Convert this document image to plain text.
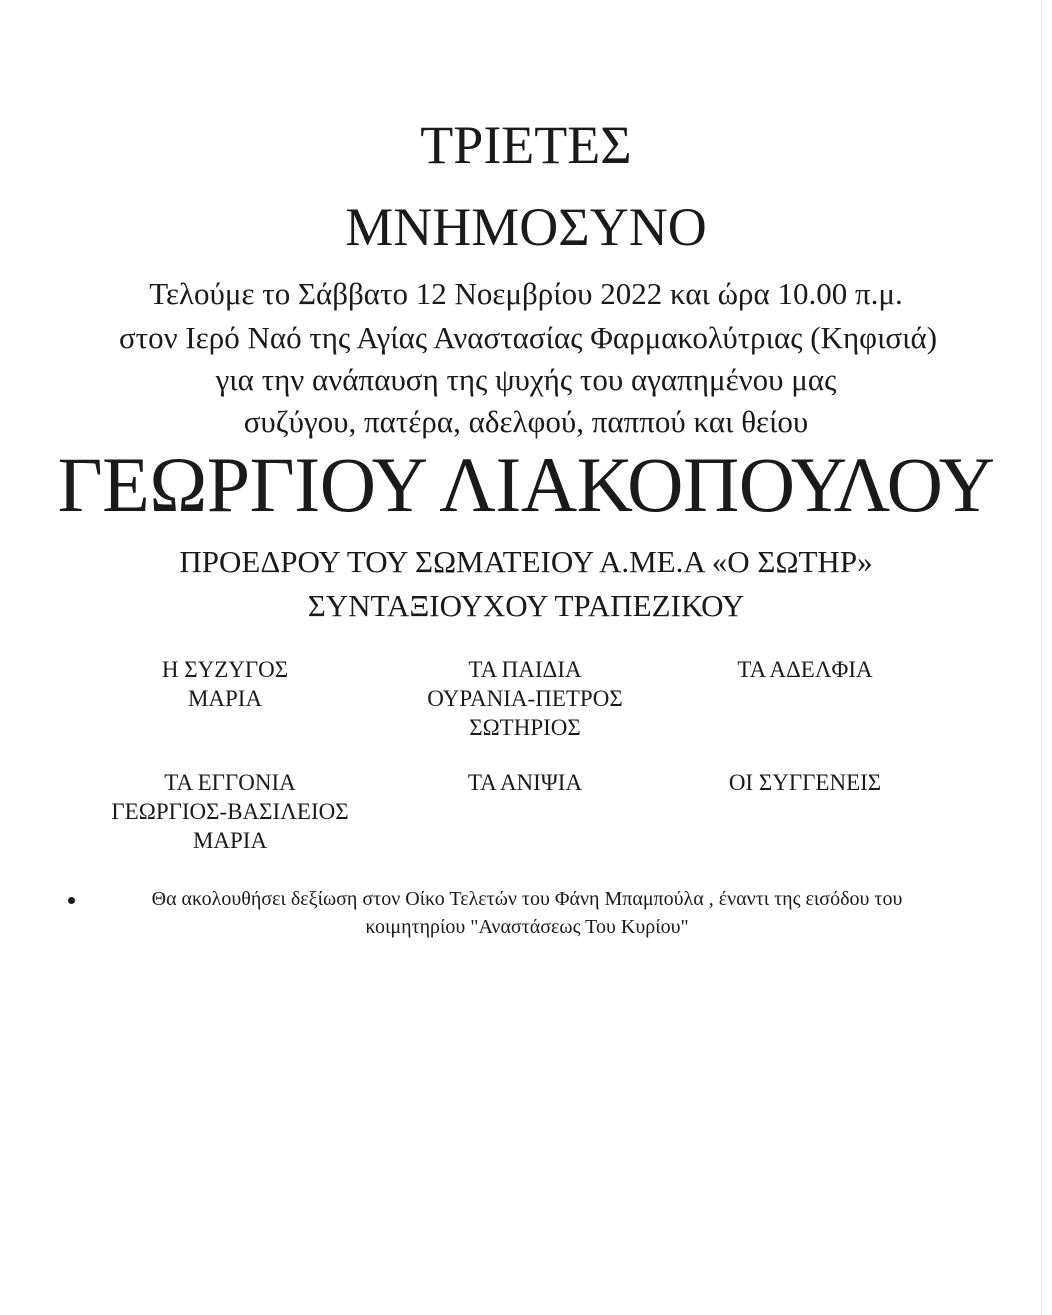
ΤΡΙΕΤΕΣ
ΜΝΗΜΟΣΥΝΟ
Τελούμε το Σάββατο 12 Νοεμβρίου 2022 και ώρα 10.00 π.μ.
στον Ιερό Ναό της Αγίας Αναστασίας Φαρμακολύτριας (Κηφισιά)
για την ανάπαυση της ψυχής του αγαπημένου μας
συζύγου, πατέρα, αδελφού, παππού και θείου
ΓΕΩΡΓΙΟΥ ΛΙΑΚΟΠΟΥΛΟΥ
ΠΡΟΕΔΡΟΥ ΤΟΥ ΣΩΜΑΤΕΙΟΥ Α.ΜΕ.Α «Ο ΣΩΤΗΡ»
ΣΥΝΤΑΞΙΟΥΧΟΥ ΤΡΑΠΕΖΙΚΟΥ
Η ΣΥΖΥΓΟΣ
ΜΑΡΙΑ
ΤΑ ΠΑΙΔΙΑ
ΟΥΡΑΝΙΑ-ΠΕΤΡΟΣ
ΣΩΤΗΡΙΟΣ
ΤΑ ΑΔΕΛΦΙΑ
ΤΑ ΕΓΓΟΝΙΑ
ΓΕΩΡΓΙΟΣ-ΒΑΣΙΛΕΙΟΣ
ΜΑΡΙΑ
ΤΑ ΑΝΙΨΙΑ	ΟΙ ΣΥΓΓΕΝΕΙΣ
Θα ακολουθήσει δεξίωση στον Οίκο Τελετών του Φάνη Μπαμπούλα , έναντι της εισόδου του
κοιμητηρίου "Αναστάσεως Του Κυρίου"
